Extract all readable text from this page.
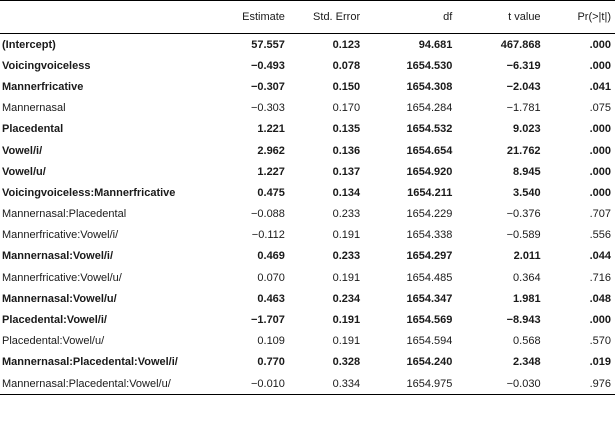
	Estimate	Std. Error	df	t value	Pr(>|t|)
(Intercept)	57.557	0.123	94.681	467.868	.000
Voicingvoiceless	−0.493	0.078	1654.530	−6.319	.000
Mannerfricative	−0.307	0.150	1654.308	−2.043	.041
Mannernasal	−0.303	0.170	1654.284	−1.781	.075
Placedental	1.221	0.135	1654.532	9.023	.000
Vowel/i/	2.962	0.136	1654.654	21.762	.000
Vowel/u/	1.227	0.137	1654.920	8.945	.000
Voicingvoiceless:Mannerfricative	0.475	0.134	1654.211	3.540	.000
Mannernasal:Placedental	−0.088	0.233	1654.229	−0.376	.707
Mannerfricative:Vowel/i/	−0.112	0.191	1654.338	−0.589	.556
Mannernasal:Vowel/i/	0.469	0.233	1654.297	2.011	.044
Mannerfricative:Vowel/u/	0.070	0.191	1654.485	0.364	.716
Mannernasal:Vowel/u/	0.463	0.234	1654.347	1.981	.048
Placedental:Vowel/i/	−1.707	0.191	1654.569	−8.943	.000
Placedental:Vowel/u/	0.109	0.191	1654.594	0.568	.570
Mannernasal:Placedental:Vowel/i/	0.770	0.328	1654.240	2.348	.019
Mannernasal:Placedental:Vowel/u/	−0.010	0.334	1654.975	−0.030	.976
